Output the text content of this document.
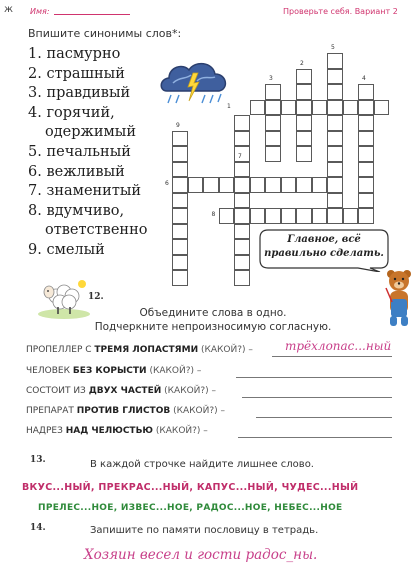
ж Имя:	Проверьте себя. Вариант 2
Впишите синонимы слов*:
1. пасмурно
2. страшный
3. правдивый
4. горячий,
одержимый
5. печальный
6. вежливый
7. знаменитый
8. вдумчиво,
ответственно
9. смелый
1
2
3	4
5
6
7
8
9
Главное, всё
правильно сделать.
12.
Объедините слова в одно.
Подчеркните непроизносимую согласную.
ПРОПЕЛЛЕР С ТРЕМЯ ЛОПАСТЯМИ (КАКОЙ?) –	трёхлопас...ный
ЧЕЛОВЕК БЕЗ КОРЫСТИ (КАКОЙ?) –
СОСТОИТ ИЗ ДВУХ ЧАСТЕЙ (КАКОЙ?) –
ПРЕПАРАТ ПРОТИВ ГЛИСТОВ (КАКОЙ?) –
НАДРЕЗ НАД ЧЕЛЮСТЬЮ (КАКОЙ?) –
13.	В каждой строчке найдите лишнее слово.
ВКУС...НЫЙ, ПРЕКРАС...НЫЙ, КАПУС...НЫЙ, ЧУДЕС...НЫЙ
ПРЕЛЕС...НОЕ, ИЗВЕС...НОЕ, РАДОС...НОЕ, НЕБЕС...НОЕ
14.	Запишите по памяти пословицу в тетрадь.
Хозяин весел и гости радос_ны.
